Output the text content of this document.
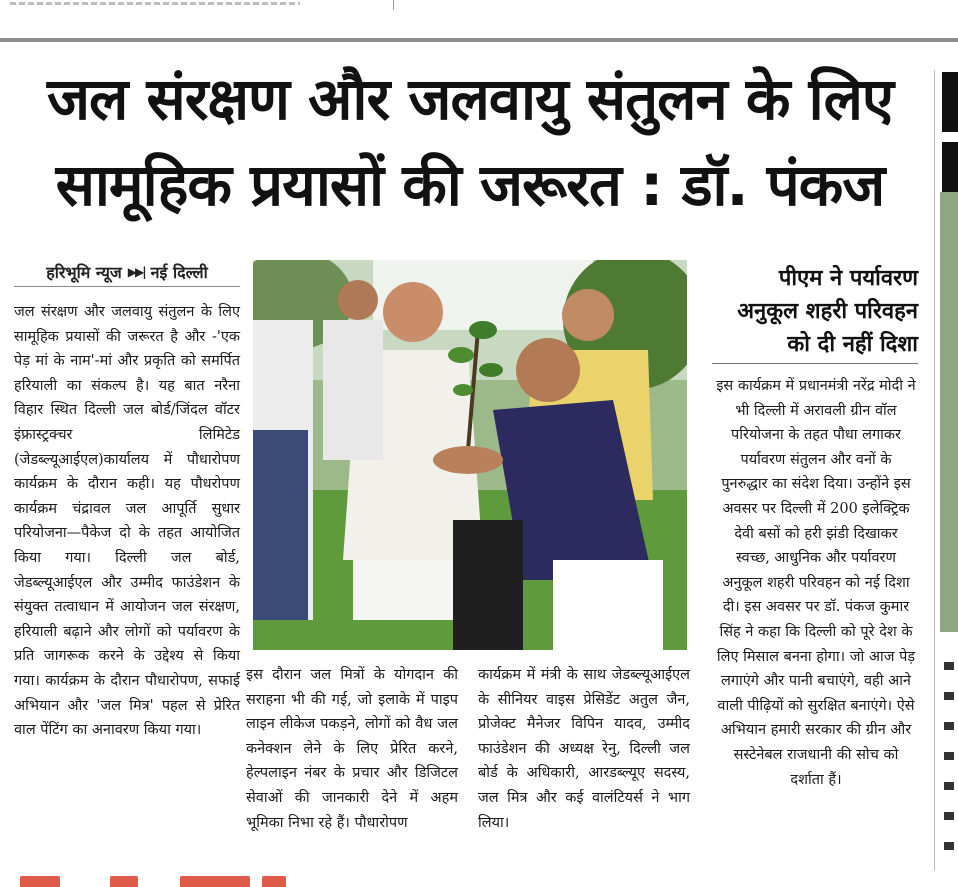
जल संरक्षण और जलवायु संतुलन के लिए
सामूहिक प्रयासों की जरूरत : डॉ. पंकज
हरिभूमि न्यूज ▶▶| नई दिल्ली

जल संरक्षण और जलवायु संतुलन के लिए सामूहिक प्रयासों की जरूरत है और -'एक पेड़ मां के नाम'-मां और प्रकृति को समर्पित हरियाली का संकल्प है। यह बात नरैना विहार स्थित दिल्ली जल बोर्ड/जिंदल वॉटर इंफ्रास्ट्रक्चर लिमिटेड (जेडब्ल्यूआईएल)कार्यालय में पौधारोपण कार्यक्रम के दौरान कही। यह पौधरोपण कार्यक्रम चंद्रावल जल आपूर्ति सुधार परियोजना—पैकेज दो के तहत आयोजित किया गया। दिल्ली जल बोर्ड, जेडब्ल्यूआईएल और उम्मीद फाउंडेशन के संयुक्त तत्वाधान में आयोजन जल संरक्षण, हरियाली बढ़ाने और लोगों को पर्यावरण के प्रति जागरूक करने के उद्देश्य से किया गया। कार्यक्रम के दौरान पौधारोपण, सफाई अभियान और 'जल मित्र' पहल से प्रेरित वाल पेंटिंग का अनावरण किया गया।

इस दौरान जल मित्रों के योगदान की सराहना भी की गई, जो इलाके में पाइप लाइन लीकेज पकड़ने, लोगों को वैध जल कनेक्शन लेने के लिए प्रेरित करने, हेल्पलाइन नंबर के प्रचार और डिजिटल सेवाओं की जानकारी देने में अहम भूमिका निभा रहे हैं। पौधारोपण

कार्यक्रम में मंत्री के साथ जेडब्ल्यूआईएल के सीनियर वाइस प्रेसिडेंट अतुल जैन, प्रोजेक्ट मैनेजर विपिन यादव, उम्मीद फाउंडेशन की अध्यक्ष रेनु, दिल्ली जल बोर्ड के अधिकारी, आरडब्ल्यूए सदस्य, जल मित्र और कई वालंटियर्स ने भाग लिया।

पीएम ने पर्यावरण अनुकूल शहरी परिवहन को दी नहीं दिशा

इस कार्यक्रम में प्रधानमंत्री नरेंद्र मोदी ने भी दिल्ली में अरावली ग्रीन वॉल परियोजना के तहत पौधा लगाकर पर्यावरण संतुलन और वनों के पुनरुद्धार का संदेश दिया। उन्होंने इस अवसर पर दिल्ली में 200 इलेक्ट्रिक देवी बसों को हरी झंडी दिखाकर स्वच्छ, आधुनिक और पर्यावरण अनुकूल शहरी परिवहन को नई दिशा दी। इस अवसर पर डॉ. पंकज कुमार सिंह ने कहा कि दिल्ली को पूरे देश के लिए मिसाल बनना होगा। जो आज पेड़ लगाएंगे और पानी बचाएंगे, वही आने वाली पीढ़ियों को सुरक्षित बनाएंगे। ऐसे अभियान हमारी सरकार की ग्रीन और सस्टेनेबल राजधानी की सोच को दर्शाता हैं।
